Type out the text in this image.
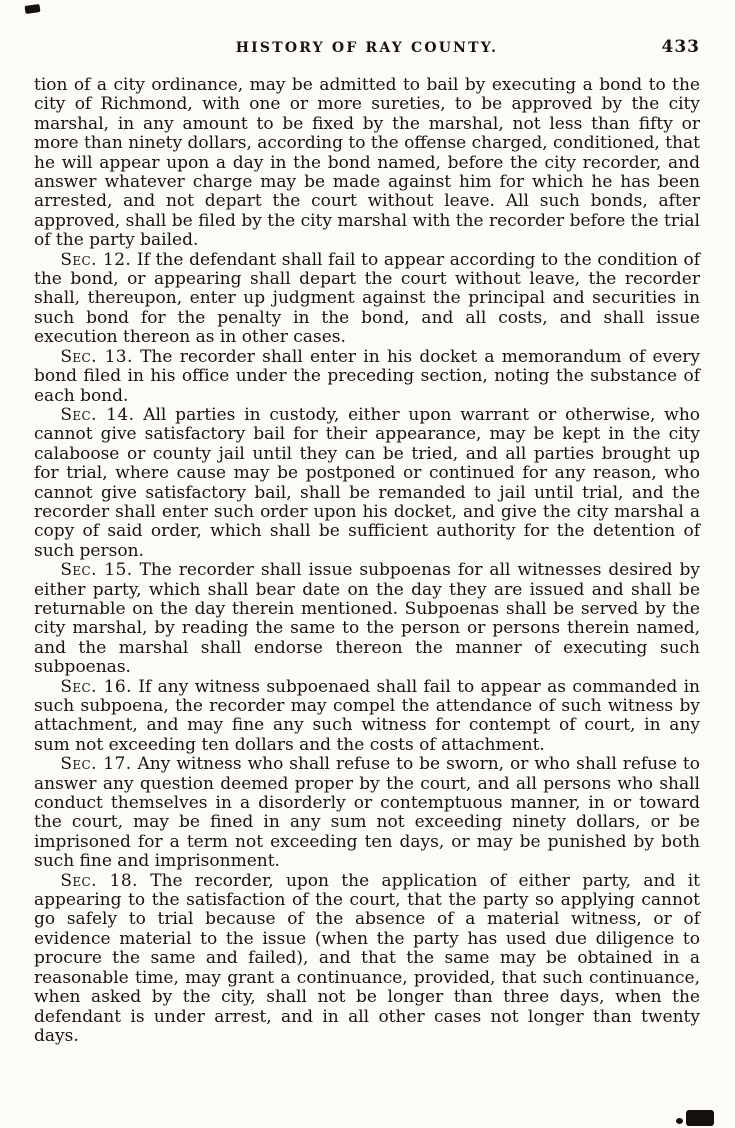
HISTORY OF RAY COUNTY.	433

tion of a city ordinance, may be admitted to bail by executing a bond to the city of Richmond, with one or more sureties, to be approved by the city marshal, in any amount to be fixed by the marshal, not less than fifty or more than ninety dollars, according to the offense charged, conditioned, that he will appear upon a day in the bond named, before the city recorder, and answer whatever charge may be made against him for which he has been arrested, and not depart the court without leave. All such bonds, after approved, shall be filed by the city marshal with the recorder before the trial of the party bailed.

Sec. 12. If the defendant shall fail to appear according to the condition of the bond, or appearing shall depart the court without leave, the recorder shall, thereupon, enter up judgment against the principal and securities in such bond for the penalty in the bond, and all costs, and shall issue execution thereon as in other cases.

Sec. 13. The recorder shall enter in his docket a memorandum of every bond filed in his office under the preceding section, noting the substance of each bond.

Sec. 14. All parties in custody, either upon warrant or otherwise, who cannot give satisfactory bail for their appearance, may be kept in the city calaboose or county jail until they can be tried, and all parties brought up for trial, where cause may be postponed or continued for any reason, who cannot give satisfactory bail, shall be remanded to jail until trial, and the recorder shall enter such order upon his docket, and give the city marshal a copy of said order, which shall be sufficient authority for the detention of such person.

Sec. 15. The recorder shall issue subpoenas for all witnesses desired by either party, which shall bear date on the day they are issued and shall be returnable on the day therein mentioned. Subpoenas shall be served by the city marshal, by reading the same to the person or persons therein named, and the marshal shall endorse thereon the manner of executing such subpoenas.

Sec. 16. If any witness subpoenaed shall fail to appear as commanded in such subpoena, the recorder may compel the attendance of such witness by attachment, and may fine any such witness for contempt of court, in any sum not exceeding ten dollars and the costs of attachment.

Sec. 17. Any witness who shall refuse to be sworn, or who shall refuse to answer any question deemed proper by the court, and all persons who shall conduct themselves in a disorderly or contemptuous manner, in or toward the court, may be fined in any sum not exceeding ninety dollars, or be imprisoned for a term not exceeding ten days, or may be punished by both such fine and imprisonment.

Sec. 18. The recorder, upon the application of either party, and it appearing to the satisfaction of the court, that the party so applying cannot go safely to trial because of the absence of a material witness, or of evidence material to the issue (when the party has used due diligence to procure the same and failed), and that the same may be obtained in a reasonable time, may grant a continuance, provided, that such continuance, when asked by the city, shall not be longer than three days, when the defendant is under arrest, and in all other cases not longer than twenty days.
